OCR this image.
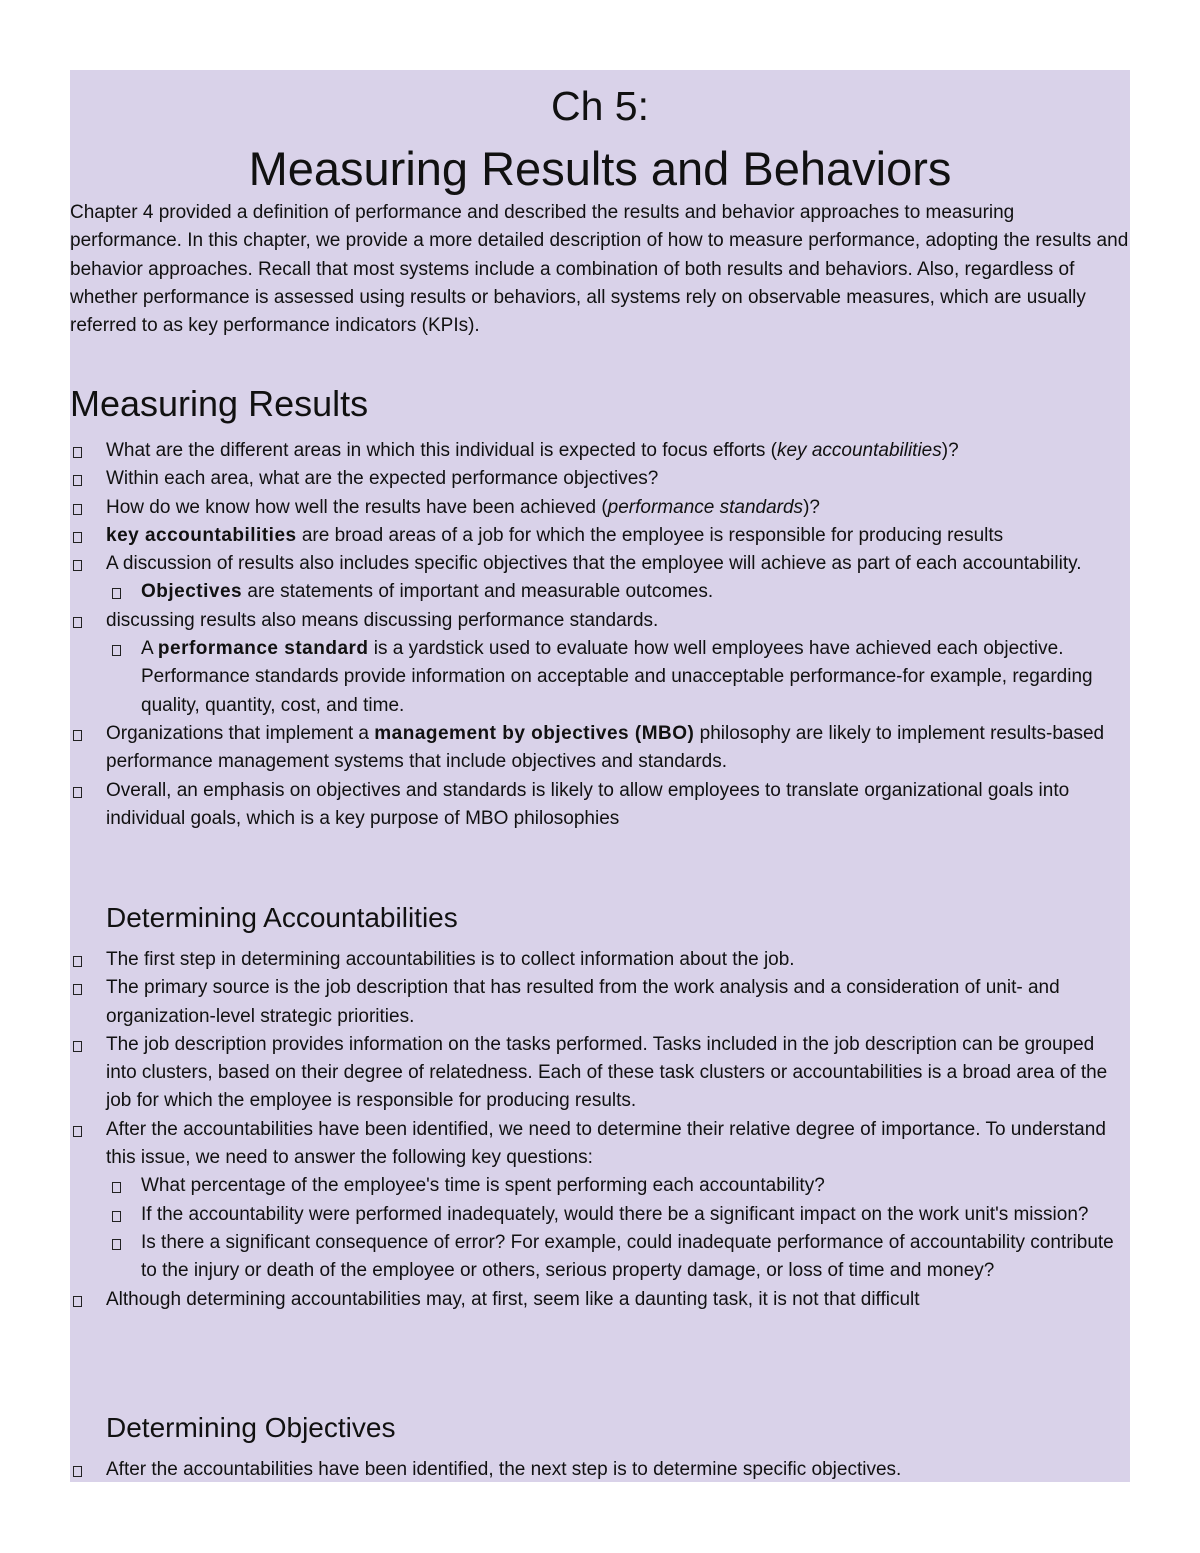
Ch 5:
Measuring Results and Behaviors
Chapter 4 provided a definition of performance and described the results and behavior approaches to measuring performance. In this chapter, we provide a more detailed description of how to measure performance, adopting the results and behavior approaches. Recall that most systems include a combination of both results and behaviors. Also, regardless of whether performance is assessed using results or behaviors, all systems rely on observable measures, which are usually referred to as key performance indicators (KPIs).
Measuring Results
What are the different areas in which this individual is expected to focus efforts (key accountabilities)?
Within each area, what are the expected performance objectives?
How do we know how well the results have been achieved (performance standards)?
key accountabilities are broad areas of a job for which the employee is responsible for producing results
A discussion of results also includes specific objectives that the employee will achieve as part of each accountability.
Objectives are statements of important and measurable outcomes.
discussing results also means discussing performance standards.
A performance standard is a yardstick used to evaluate how well employees have achieved each objective. Performance standards provide information on acceptable and unacceptable performance-for example, regarding quality, quantity, cost, and time.
Organizations that implement a management by objectives (MBO) philosophy are likely to implement results-based performance management systems that include objectives and standards.
Overall, an emphasis on objectives and standards is likely to allow employees to translate organizational goals into individual goals, which is a key purpose of MBO philosophies
Determining Accountabilities
The first step in determining accountabilities is to collect information about the job.
The primary source is the job description that has resulted from the work analysis and a consideration of unit- and organization-level strategic priorities.
The job description provides information on the tasks performed. Tasks included in the job description can be grouped into clusters, based on their degree of relatedness. Each of these task clusters or accountabilities is a broad area of the job for which the employee is responsible for producing results.
After the accountabilities have been identified, we need to determine their relative degree of importance. To understand this issue, we need to answer the following key questions:
What percentage of the employee's time is spent performing each accountability?
If the accountability were performed inadequately, would there be a significant impact on the work unit's mission?
Is there a significant consequence of error? For example, could inadequate performance of accountability contribute to the injury or death of the employee or others, serious property damage, or loss of time and money?
Although determining accountabilities may, at first, seem like a daunting task, it is not that difficult
Determining Objectives
After the accountabilities have been identified, the next step is to determine specific objectives.
